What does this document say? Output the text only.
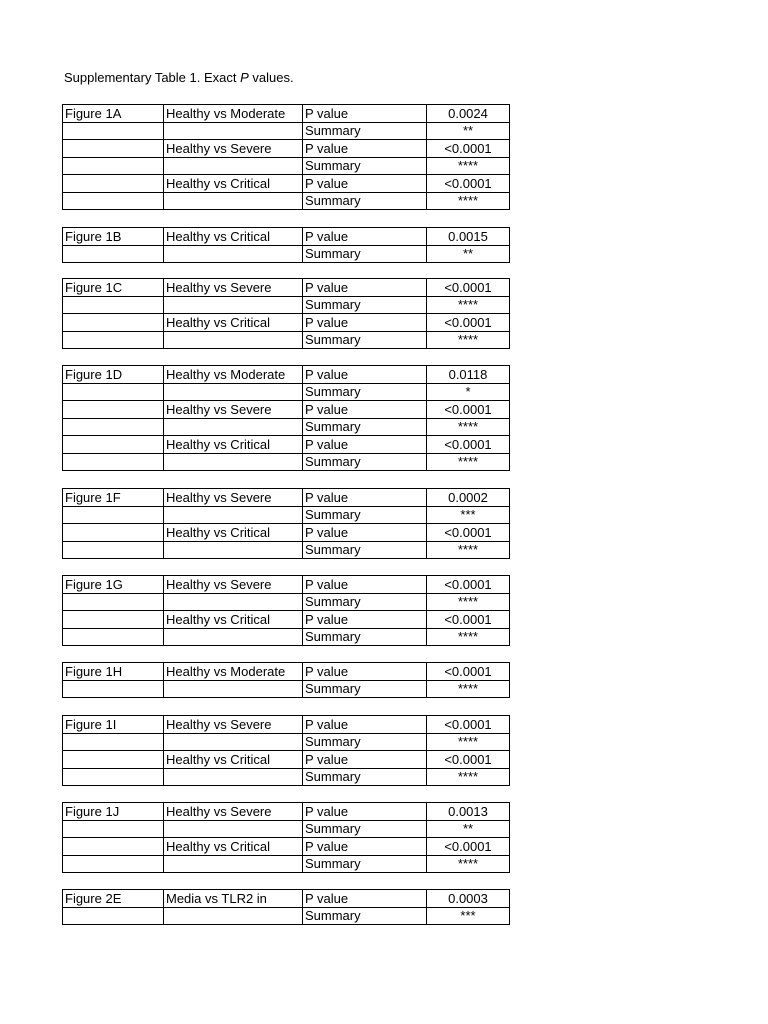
Supplementary Table 1. Exact P values.
Figure 1A	Healthy vs Moderate	P value	0.0024
		Summary	**
	Healthy vs Severe	P value	<0.0001
		Summary	****
	Healthy vs Critical	P value	<0.0001
		Summary	****
Figure 1B	Healthy vs Critical	P value	0.0015
		Summary	**
Figure 1C	Healthy vs Severe	P value	<0.0001
		Summary	****
	Healthy vs Critical	P value	<0.0001
		Summary	****
Figure 1D	Healthy vs Moderate	P value	0.0118
		Summary	*
	Healthy vs Severe	P value	<0.0001
		Summary	****
	Healthy vs Critical	P value	<0.0001
		Summary	****
Figure 1F	Healthy vs Severe	P value	0.0002
		Summary	***
	Healthy vs Critical	P value	<0.0001
		Summary	****
Figure 1G	Healthy vs Severe	P value	<0.0001
		Summary	****
	Healthy vs Critical	P value	<0.0001
		Summary	****
Figure 1H	Healthy vs Moderate	P value	<0.0001
		Summary	****
Figure 1I	Healthy vs Severe	P value	<0.0001
		Summary	****
	Healthy vs Critical	P value	<0.0001
		Summary	****
Figure 1J	Healthy vs Severe	P value	0.0013
		Summary	**
	Healthy vs Critical	P value	<0.0001
		Summary	****
Figure 2E	Media vs TLR2 in	P value	0.0003
		Summary	***
